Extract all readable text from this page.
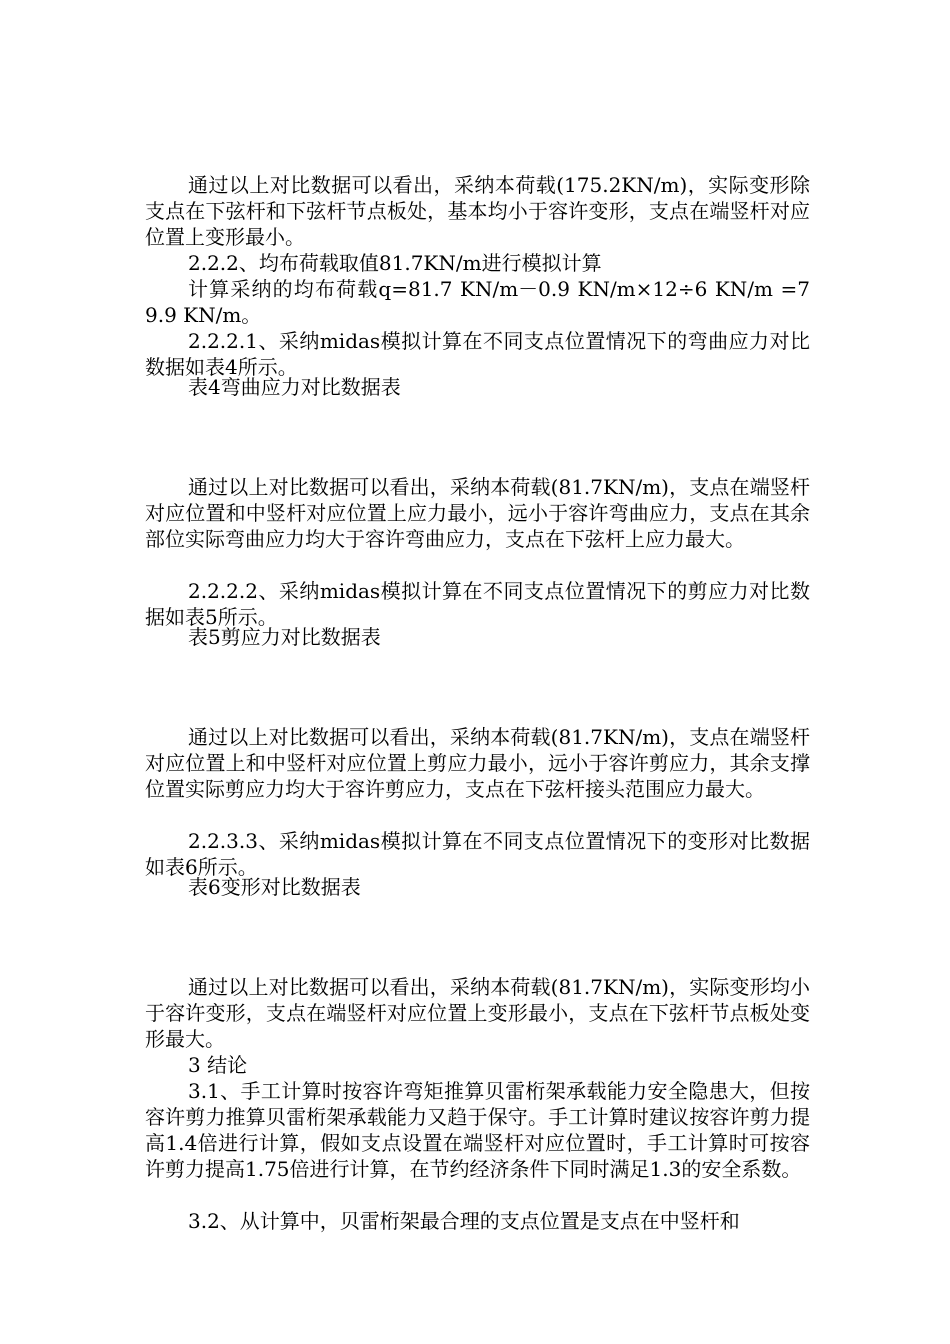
通过以上对比数据可以看出，采纳本荷载(175.2KN/m)，实际变形除支点在下弦杆和下弦杆节点板处，基本均小于容许变形，支点在端竖杆对应位置上变形最小。

2.2.2、均布荷载取值81.7KN/m进行模拟计算

计算采纳的均布荷载q=81.7 KN/m－0.9 KN/m×12÷6 KN/m =79.9 KN/m。

2.2.2.1、采纳midas模拟计算在不同支点位置情况下的弯曲应力对比数据如表4所示。

表4弯曲应力对比数据表

通过以上对比数据可以看出，采纳本荷载(81.7KN/m)，支点在端竖杆对应位置和中竖杆对应位置上应力最小，远小于容许弯曲应力，支点在其余部位实际弯曲应力均大于容许弯曲应力，支点在下弦杆上应力最大。

2.2.2.2、采纳midas模拟计算在不同支点位置情况下的剪应力对比数据如表5所示。

表5剪应力对比数据表

通过以上对比数据可以看出，采纳本荷载(81.7KN/m)，支点在端竖杆对应位置上和中竖杆对应位置上剪应力最小，远小于容许剪应力，其余支撑位置实际剪应力均大于容许剪应力，支点在下弦杆接头范围应力最大。

2.2.3.3、采纳midas模拟计算在不同支点位置情况下的变形对比数据如表6所示。

表6变形对比数据表

通过以上对比数据可以看出，采纳本荷载(81.7KN/m)，实际变形均小于容许变形，支点在端竖杆对应位置上变形最小，支点在下弦杆节点板处变形最大。

3 结论

3.1、手工计算时按容许弯矩推算贝雷桁架承载能力安全隐患大，但按容许剪力推算贝雷桁架承载能力又趋于保守。手工计算时建议按容许剪力提高1.4倍进行计算，假如支点设置在端竖杆对应位置时，手工计算时可按容许剪力提高1.75倍进行计算，在节约经济条件下同时满足1.3的安全系数。

3.2、从计算中，贝雷桁架最合理的支点位置是支点在中竖杆和
